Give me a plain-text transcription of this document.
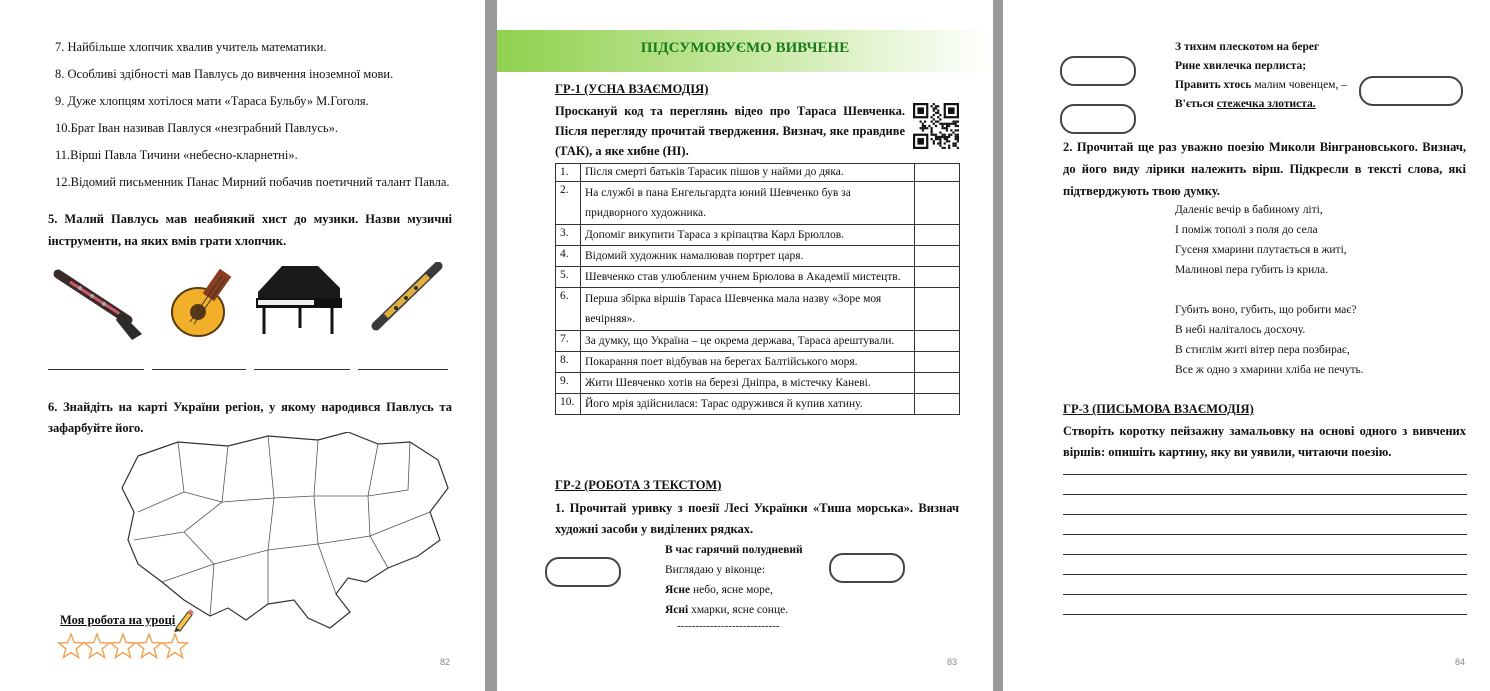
7. Найбільше хлопчик хвалив учитель математики.
8. Особливі здібності мав Павлусь до вивчення іноземної мови.
9. Дуже хлопцям хотілося мати «Тараса Бульбу» М.Гоголя.
10.Брат Іван називав Павлуся «незграбний Павлусь».
11.Вірші Павла Тичини «небесно-кларнетні».
12.Відомий письменник Панас Мирний побачив поетичний талант Павла.
5. Малий Павлусь мав неабиякий хист до музики. Назви музичні інструменти, на яких вмів грати хлопчик.
6. Знайдіть на карті України регіон, у якому народився Павлусь та зафарбуйте його.
Моя робота на уроці
82
ПІДСУМОВУЄМО ВИВЧЕНЕ
ГР-1 (УСНА ВЗАЄМОДІЯ)
Проскануй код та переглянь відео про Тараса Шевченка. Після перегляду прочитай твердження. Визнач, яке правдиве (ТАК), а яке хибне (НІ).
1.	Після смерті батьків Тарасик пішов у найми до дяка.	
2.	На службі в пана Енгельгардта юний Шевченко був за придворного художника.	
3.	Допоміг викупити Тараса з кріпацтва Карл Брюллов.	
4.	Відомий художник намалював портрет царя.	
5.	Шевченко став улюбленим учнем Брюлова в Академії мистецтв.	
6.	Перша збірка віршів Тараса Шевченка мала назву «Зоре моя вечірняя».	
7.	За думку, що Україна – це окрема держава, Тараса арештували.	
8.	Покарання поет відбував на берегах Балтійського моря.	
9.	Жити Шевченко хотів на березі Дніпра, в містечку Каневі.	
10.	Його мрія здійснилася: Тарас одружився й купив хатину.	
ГР-2 (РОБОТА З ТЕКСТОМ)
1. Прочитай уривку з поезії Лесі Українки «Тиша морська». Визнач художні засоби у виділених рядках.
В час гарячий полудневий
Виглядаю у віконце:
Ясне небо, ясне море,
Ясні хмарки, ясне сонце.
----------------------------
83
З тихим плескотом на берег
Рине хвилечка перлиста;
Править хтось малим човенцем, –
В'ється стежечка злотиста.
2. Прочитай ще раз уважно поезію Миколи Вінграновського. Визнач, до його виду лірики належить вірш. Підкресли в тексті слова, які підтверджують твою думку.
Даленіє вечір в бабиному літі,
І поміж тополі з поля до села
Гусеня хмарини плутається в житі,
Малинові пера губить із крила.
Губить воно, губить, що робити має?
В небі наліталось досхочу.
В стиглім житі вітер пера позбирає,
Все ж одно з хмарини хліба не печуть.
ГР-3 (ПИСЬМОВА ВЗАЄМОДІЯ)
Створіть коротку пейзажну замальовку на основі одного з вивчених віршів: опишіть картину, яку ви уявили, читаючи поезію.
84
